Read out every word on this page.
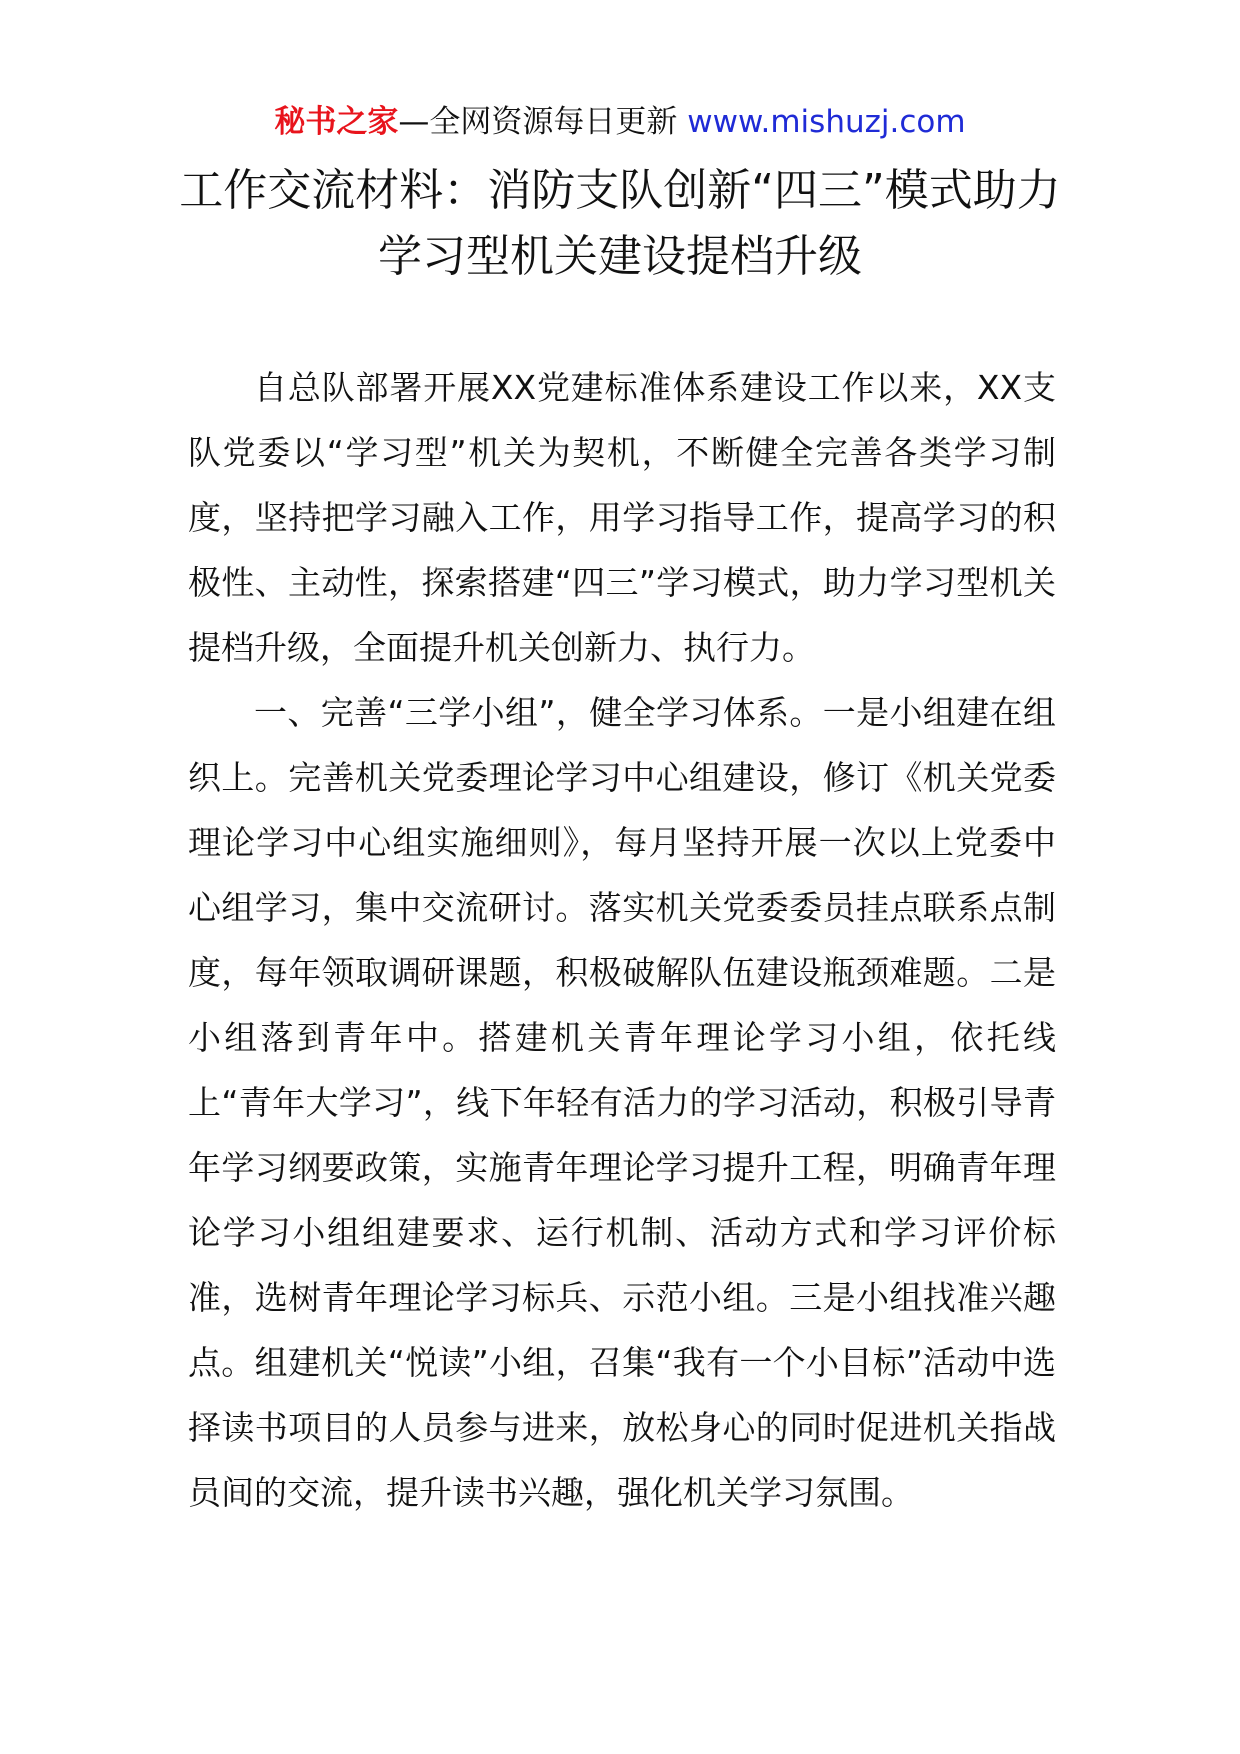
秘书之家—全网资源每日更新 www.mishuzj.com
工作交流材料：消防支队创新“四三”模式助力学习型机关建设提档升级

自总队部署开展XX党建标准体系建设工作以来，XX支队党委以“学习型”机关为契机，不断健全完善各类学习制度，坚持把学习融入工作，用学习指导工作，提高学习的积极性、主动性，探索搭建“四三”学习模式，助力学习型机关提档升级，全面提升机关创新力、执行力。

一、完善“三学小组”，健全学习体系。一是小组建在组织上。完善机关党委理论学习中心组建设，修订《机关党委理论学习中心组实施细则》，每月坚持开展一次以上党委中心组学习，集中交流研讨。落实机关党委委员挂点联系点制度，每年领取调研课题，积极破解队伍建设瓶颈难题。二是小组落到青年中。搭建机关青年理论学习小组，依托线上“青年大学习”，线下年轻有活力的学习活动，积极引导青年学习纲要政策，实施青年理论学习提升工程，明确青年理论学习小组组建要求、运行机制、活动方式和学习评价标准，选树青年理论学习标兵、示范小组。三是小组找准兴趣点。组建机关“悦读”小组，召集“我有一个小目标”活动中选择读书项目的人员参与进来，放松身心的同时促进机关指战员间的交流，提升读书兴趣，强化机关学习氛围。
